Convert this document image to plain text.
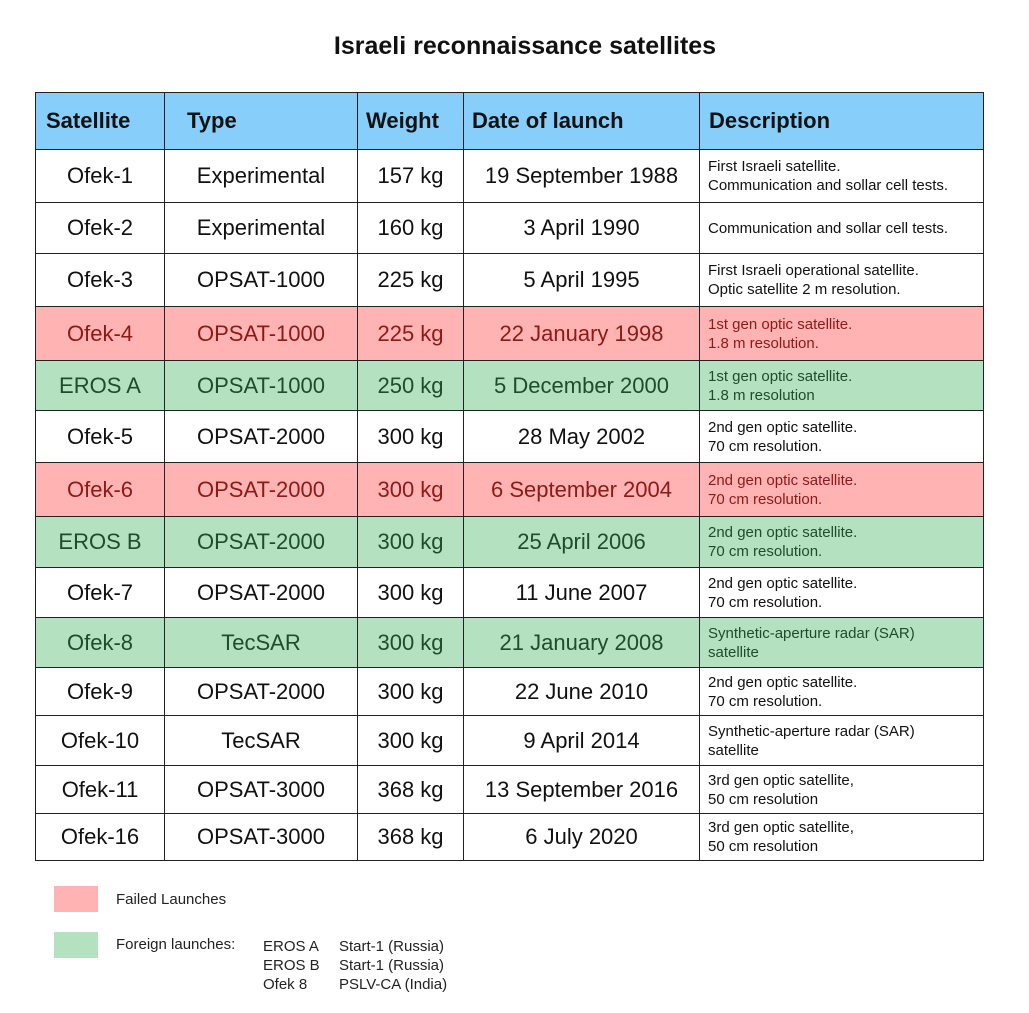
Israeli reconnaissance satellites
Satellite	Type	Weight	Date of launch	Description
Ofek-1	Experimental	157 kg	19 September 1988	First Israeli satellite.
Communication and sollar cell tests.

Ofek-2	Experimental	160 kg	3 April 1990	Communication and sollar cell tests.

Ofek-3	OPSAT-1000	225 kg	5 April 1995	First Israeli operational satellite.
Optic satellite 2 m resolution.

Ofek-4	OPSAT-1000	225 kg	22 January 1998	1st gen optic satellite.
1.8 m resolution.

EROS A	OPSAT-1000	250 kg	5 December 2000	1st gen optic satellite.
1.8 m resolution

Ofek-5	OPSAT-2000	300 kg	28 May 2002	2nd gen optic satellite.
70 cm resolution.

Ofek-6	OPSAT-2000	300 kg	6 September 2004	2nd gen optic satellite.
70 cm resolution.

EROS B	OPSAT-2000	300 kg	25 April 2006	2nd gen optic satellite.
70 cm resolution.

Ofek-7	OPSAT-2000	300 kg	11 June 2007	2nd gen optic satellite.
70 cm resolution.

Ofek-8	TecSAR	300 kg	21 January 2008	Synthetic-aperture radar (SAR)
satellite

Ofek-9	OPSAT-2000	300 kg	22 June 2010	2nd gen optic satellite.
70 cm resolution.

Ofek-10	TecSAR	300 kg	9 April 2014	Synthetic-aperture radar (SAR)
satellite

Ofek-11	OPSAT-3000	368 kg	13 September 2016	3rd gen optic satellite,
50 cm resolution

Ofek-16	OPSAT-3000	368 kg	6 July 2020	3rd gen optic satellite,
50 cm resolution
Failed Launches
Foreign launches: EROS A Start-1 (Russia)
EROS B Start-1 (Russia)
Ofek 8 PSLV-CA (India)
